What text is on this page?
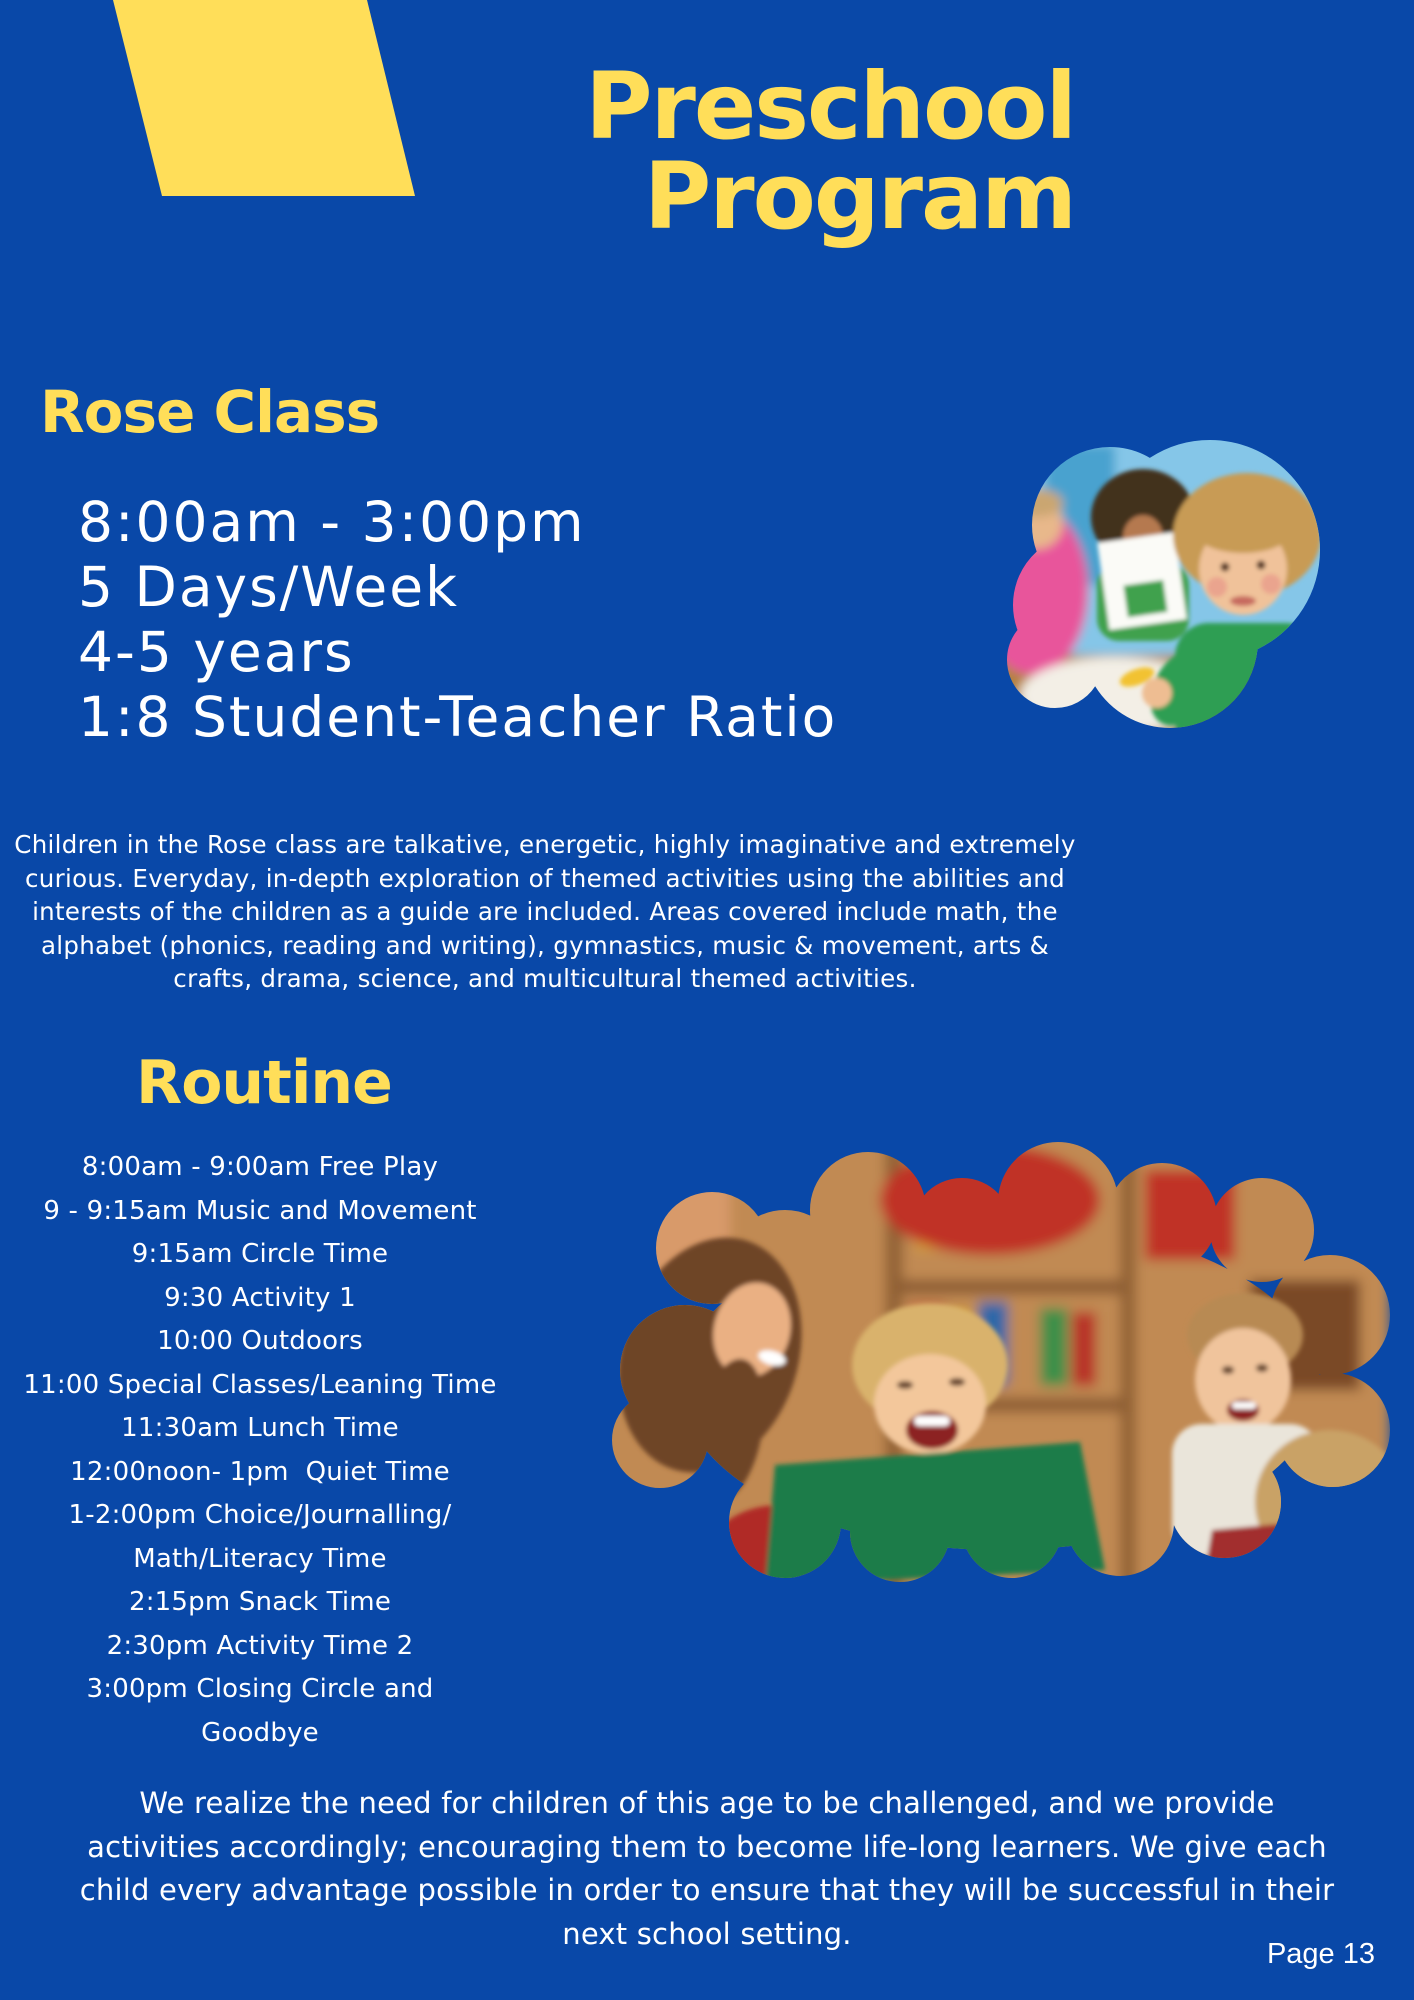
Preschool
Program
Rose Class
8:00am - 3:00pm
5 Days/Week
4-5 years
1:8 Student-Teacher Ratio
Children in the Rose class are talkative, energetic, highly imaginative and extremely curious. Everyday, in-depth exploration of themed activities using the abilities and interests of the children as a guide are included. Areas covered include math, the alphabet (phonics, reading and writing), gymnastics, music & movement, arts & crafts, drama, science, and multicultural themed activities.
Routine
8:00am - 9:00am Free Play
9 - 9:15am Music and Movement
9:15am Circle Time
9:30 Activity 1
10:00 Outdoors
11:00 Special Classes/Leaning Time
11:30am Lunch Time
12:00noon- 1pm  Quiet Time
1-2:00pm Choice/Journalling/
Math/Literacy Time
2:15pm Snack Time
2:30pm Activity Time 2
3:00pm Closing Circle and
Goodbye
We realize the need for children of this age to be challenged, and we provide activities accordingly; encouraging them to become life-long learners. We give each child every advantage possible in order to ensure that they will be successful in their next school setting.
Page 13
